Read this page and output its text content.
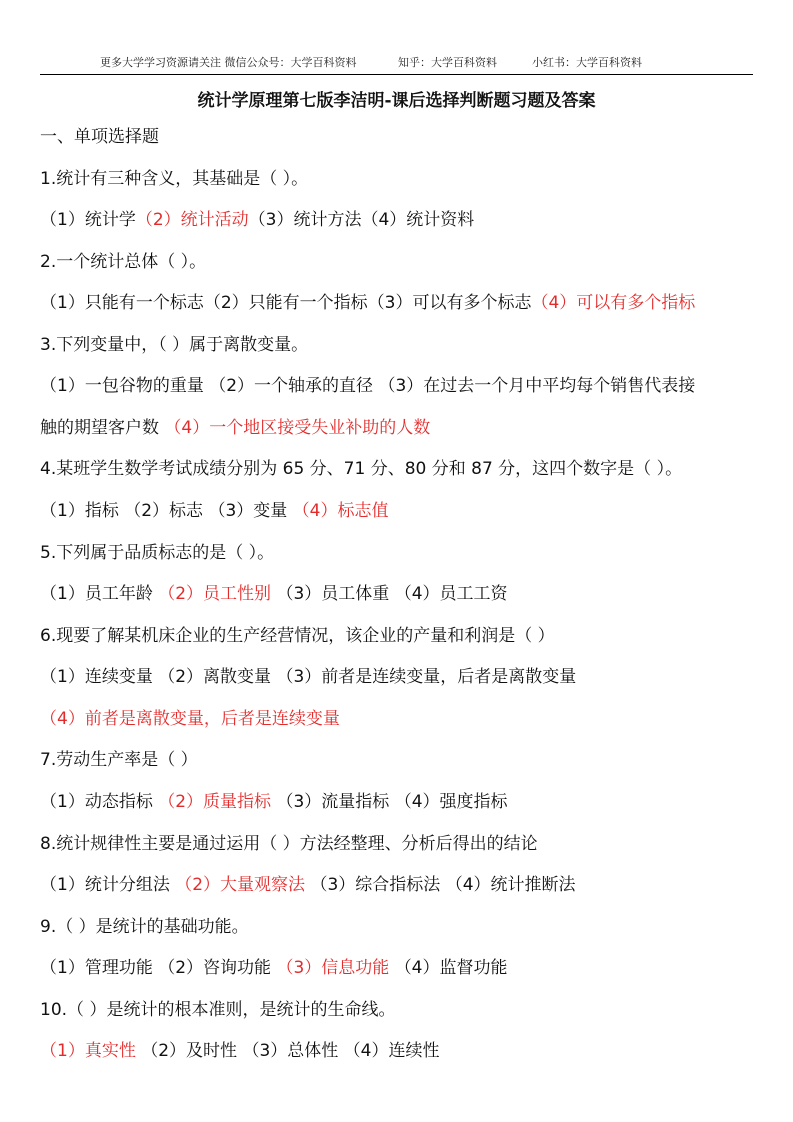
更多大学学习资源请关注 微信公众号：大学百科资料	知乎：大学百科资料	小红书：大学百科资料
统计学原理第七版李洁明-课后选择判断题习题及答案
一、单项选择题
1.统计有三种含义，其基础是（ ）。
（1）统计学（2）统计活动（3）统计方法（4）统计资料
2.一个统计总体（ ）。
（1）只能有一个标志（2）只能有一个指标（3）可以有多个标志（4）可以有多个指标
3.下列变量中，（ ）属于离散变量。
（1）一包谷物的重量 （2）一个轴承的直径 （3）在过去一个月中平均每个销售代表接
触的期望客户数 （4）一个地区接受失业补助的人数
4.某班学生数学考试成绩分别为 65 分、71 分、80 分和 87 分，这四个数字是（ ）。
（1）指标 （2）标志 （3）变量 （4）标志值
5.下列属于品质标志的是（ ）。
（1）员工年龄 （2）员工性别 （3）员工体重 （4）员工工资
6.现要了解某机床企业的生产经营情况，该企业的产量和利润是（ ）
（1）连续变量 （2）离散变量 （3）前者是连续变量，后者是离散变量
（4）前者是离散变量，后者是连续变量
7.劳动生产率是（ ）
（1）动态指标 （2）质量指标 （3）流量指标 （4）强度指标
8.统计规律性主要是通过运用（ ）方法经整理、分析后得出的结论
（1）统计分组法 （2）大量观察法 （3）综合指标法 （4）统计推断法
9.（ ）是统计的基础功能。
（1）管理功能 （2）咨询功能 （3）信息功能 （4）监督功能
10.（ ）是统计的根本准则，是统计的生命线。
（1）真实性 （2）及时性 （3）总体性 （4）连续性
